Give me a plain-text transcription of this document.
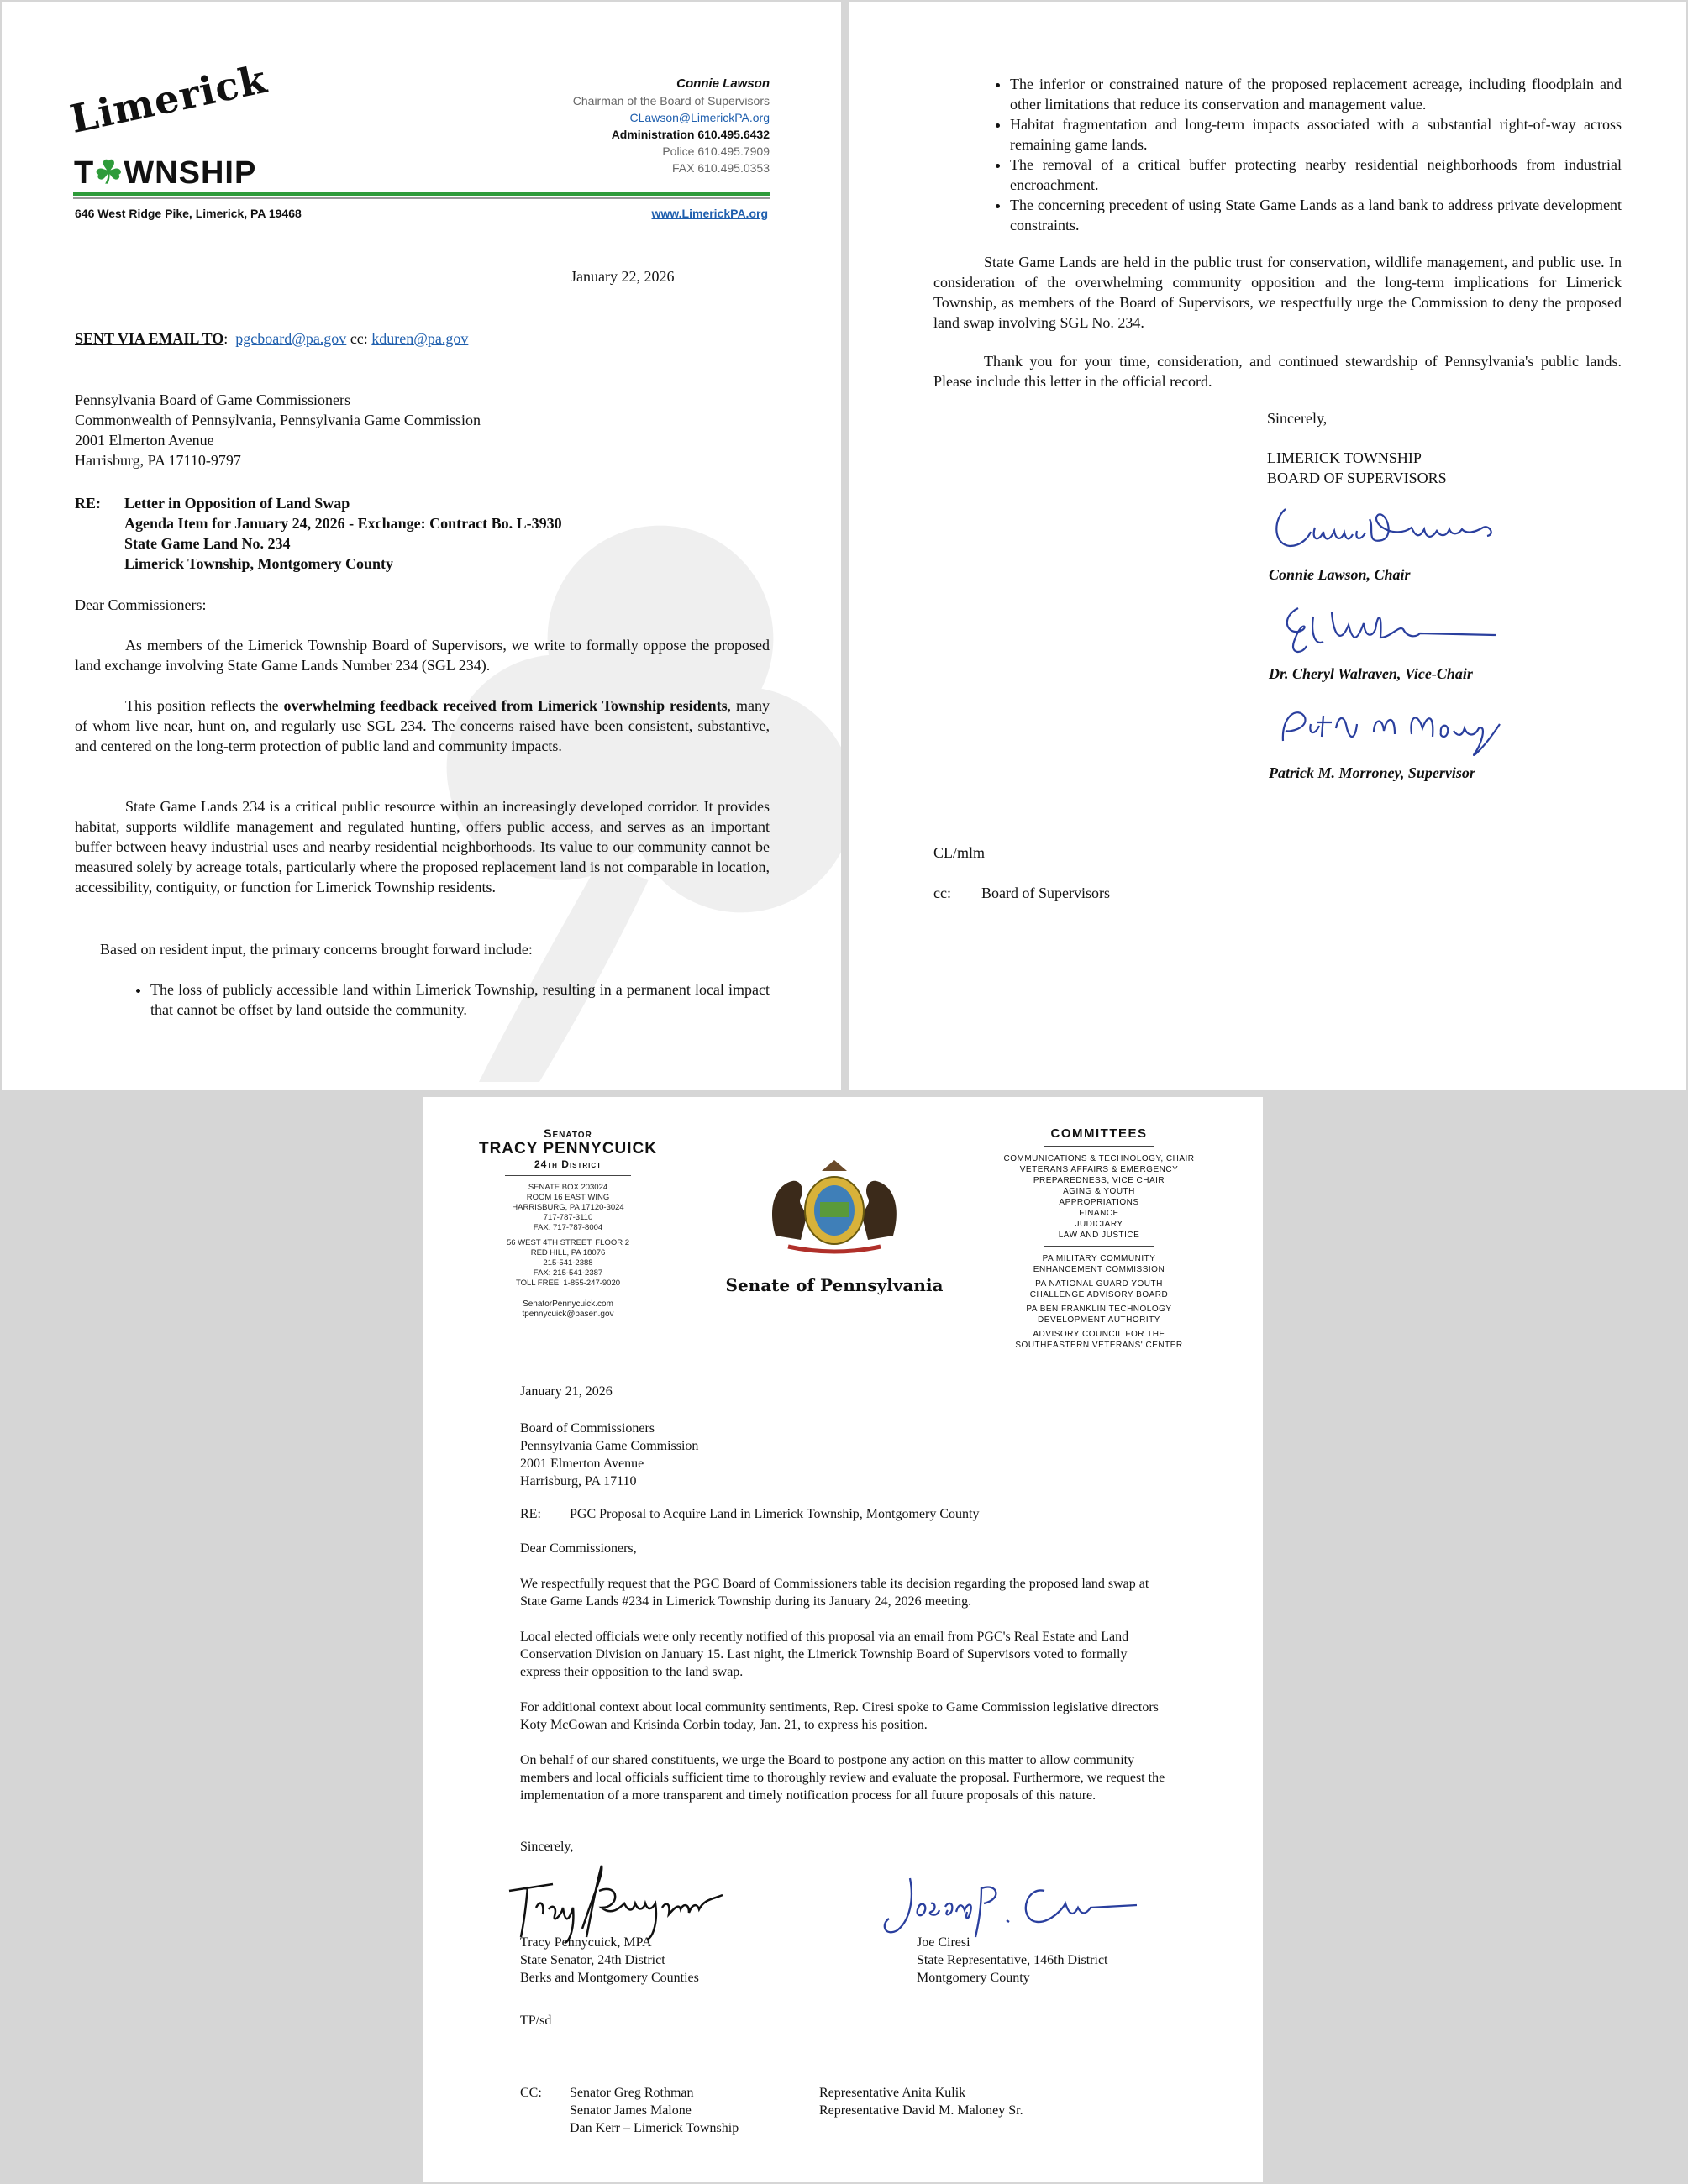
Limerick
T☘WNSHIP
Connie Lawson
Chairman of the Board of Supervisors
CLawson@LimerickPA.org
Administration 610.495.6432
Police 610.495.7909
FAX 610.495.0353
646 West Ridge Pike, Limerick, PA 19468	www.LimerickPA.org
January 22, 2026
SENT VIA EMAIL TO: pgcboard@pa.gov cc: kduren@pa.gov
Pennsylvania Board of Game Commissioners
Commonwealth of Pennsylvania, Pennsylvania Game Commission
2001 Elmerton Avenue
Harrisburg, PA 17110-9797
RE: Letter in Opposition of Land Swap
Agenda Item for January 24, 2026 - Exchange: Contract Bo. L-3930
State Game Land No. 234
Limerick Township, Montgomery County
Dear Commissioners:
As members of the Limerick Township Board of Supervisors, we write to formally oppose the proposed land exchange involving State Game Lands Number 234 (SGL 234).
This position reflects the overwhelming feedback received from Limerick Township residents, many of whom live near, hunt on, and regularly use SGL 234. The concerns raised have been consistent, substantive, and centered on the long-term protection of public land and community impacts.
State Game Lands 234 is a critical public resource within an increasingly developed corridor. It provides habitat, supports wildlife management and regulated hunting, offers public access, and serves as an important buffer between heavy industrial uses and nearby residential neighborhoods. Its value to our community cannot be measured solely by acreage totals, particularly where the proposed replacement land is not comparable in location, accessibility, contiguity, or function for Limerick Township residents.
Based on resident input, the primary concerns brought forward include:
• The loss of publicly accessible land within Limerick Township, resulting in a permanent local impact that cannot be offset by land outside the community.
• The inferior or constrained nature of the proposed replacement acreage, including floodplain and other limitations that reduce its conservation and management value.
• Habitat fragmentation and long-term impacts associated with a substantial right-of-way across remaining game lands.
• The removal of a critical buffer protecting nearby residential neighborhoods from industrial encroachment.
• The concerning precedent of using State Game Lands as a land bank to address private development constraints.
State Game Lands are held in the public trust for conservation, wildlife management, and public use. In consideration of the overwhelming community opposition and the long-term implications for Limerick Township, as members of the Board of Supervisors, we respectfully urge the Commission to deny the proposed land swap involving SGL No. 234.
Thank you for your time, consideration, and continued stewardship of Pennsylvania's public lands. Please include this letter in the official record.
Sincerely,
LIMERICK TOWNSHIP
BOARD OF SUPERVISORS
Connie Lawson, Chair
Dr. Cheryl Walraven, Vice-Chair
Patrick M. Morroney, Supervisor
CL/mlm
cc: Board of Supervisors
Senator
TRACY PENNYCUICK
24th District
SENATE BOX 203024
ROOM 16 EAST WING
HARRISBURG, PA 17120-3024
717-787-3110
FAX: 717-787-8004
56 WEST 4TH STREET, FLOOR 2
RED HILL, PA 18076
215-541-2388
FAX: 215-541-2387
TOLL FREE: 1-855-247-9020
SenatorPennycuick.com
tpennycuick@pasen.gov
Senate of Pennsylvania
COMMITTEES
COMMUNICATIONS & TECHNOLOGY, CHAIR
VETERANS AFFAIRS & EMERGENCY
PREPAREDNESS, VICE CHAIR
AGING & YOUTH
APPROPRIATIONS
FINANCE
JUDICIARY
LAW AND JUSTICE
PA MILITARY COMMUNITY
ENHANCEMENT COMMISSION
PA NATIONAL GUARD YOUTH
CHALLENGE ADVISORY BOARD
PA BEN FRANKLIN TECHNOLOGY
DEVELOPMENT AUTHORITY
ADVISORY COUNCIL FOR THE
SOUTHEASTERN VETERANS' CENTER
January 21, 2026
Board of Commissioners
Pennsylvania Game Commission
2001 Elmerton Avenue
Harrisburg, PA 17110
RE: PGC Proposal to Acquire Land in Limerick Township, Montgomery County
Dear Commissioners,
We respectfully request that the PGC Board of Commissioners table its decision regarding the proposed land swap at State Game Lands #234 in Limerick Township during its January 24, 2026 meeting.
Local elected officials were only recently notified of this proposal via an email from PGC's Real Estate and Land Conservation Division on January 15. Last night, the Limerick Township Board of Supervisors voted to formally express their opposition to the land swap.
For additional context about local community sentiments, Rep. Ciresi spoke to Game Commission legislative directors Koty McGowan and Krisinda Corbin today, Jan. 21, to express his position.
On behalf of our shared constituents, we urge the Board to postpone any action on this matter to allow community members and local officials sufficient time to thoroughly review and evaluate the proposal. Furthermore, we request the implementation of a more transparent and timely notification process for all future proposals of this nature.
Sincerely,
Tracy Pennycuick, MPA
State Senator, 24th District
Berks and Montgomery Counties
Joe Ciresi
State Representative, 146th District
Montgomery County
TP/sd
CC: Senator Greg Rothman
Senator James Malone
Dan Kerr – Limerick Township
Representative Anita Kulik
Representative David M. Maloney Sr.
